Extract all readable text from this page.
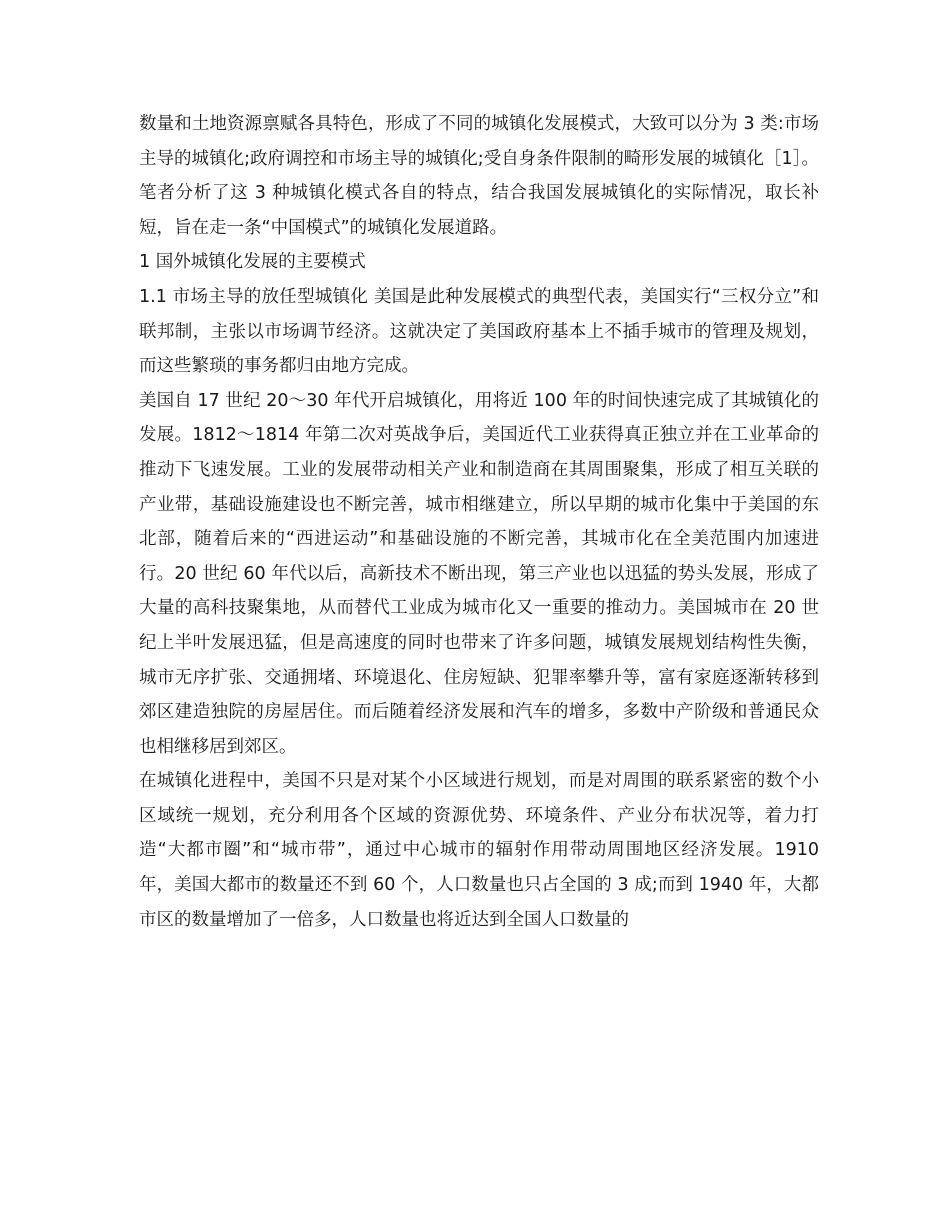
数量和土地资源禀赋各具特色，形成了不同的城镇化发展模式，大致可以分为 3 类:市场主导的城镇化;政府调控和市场主导的城镇化;受自身条件限制的畸形发展的城镇化［1］。笔者分析了这 3 种城镇化模式各自的特点，结合我国发展城镇化的实际情况，取长补短，旨在走一条“中国模式”的城镇化发展道路。

1 国外城镇化发展的主要模式

1.1 市场主导的放任型城镇化 美国是此种发展模式的典型代表，美国实行“三权分立”和联邦制，主张以市场调节经济。这就决定了美国政府基本上不插手城市的管理及规划，而这些繁琐的事务都归由地方完成。

美国自 17 世纪 20～30 年代开启城镇化，用将近 100 年的时间快速完成了其城镇化的发展。1812～1814 年第二次对英战争后，美国近代工业获得真正独立并在工业革命的推动下飞速发展。工业的发展带动相关产业和制造商在其周围聚集，形成了相互关联的产业带，基础设施建设也不断完善，城市相继建立，所以早期的城市化集中于美国的东北部，随着后来的“西进运动”和基础设施的不断完善，其城市化在全美范围内加速进行。20 世纪 60 年代以后，高新技术不断出现，第三产业也以迅猛的势头发展，形成了大量的高科技聚集地，从而替代工业成为城市化又一重要的推动力。美国城市在 20 世纪上半叶发展迅猛，但是高速度的同时也带来了许多问题，城镇发展规划结构性失衡，城市无序扩张、交通拥堵、环境退化、住房短缺、犯罪率攀升等，富有家庭逐渐转移到郊区建造独院的房屋居住。而后随着经济发展和汽车的增多，多数中产阶级和普通民众也相继移居到郊区。

在城镇化进程中，美国不只是对某个小区域进行规划，而是对周围的联系紧密的数个小区域统一规划，充分利用各个区域的资源优势、环境条件、产业分布状况等，着力打造“大都市圈”和“城市带”，通过中心城市的辐射作用带动周围地区经济发展。1910 年，美国大都市的数量还不到 60 个，人口数量也只占全国的 3 成;而到 1940 年，大都市区的数量增加了一倍多，人口数量也将近达到全国人口数量的
